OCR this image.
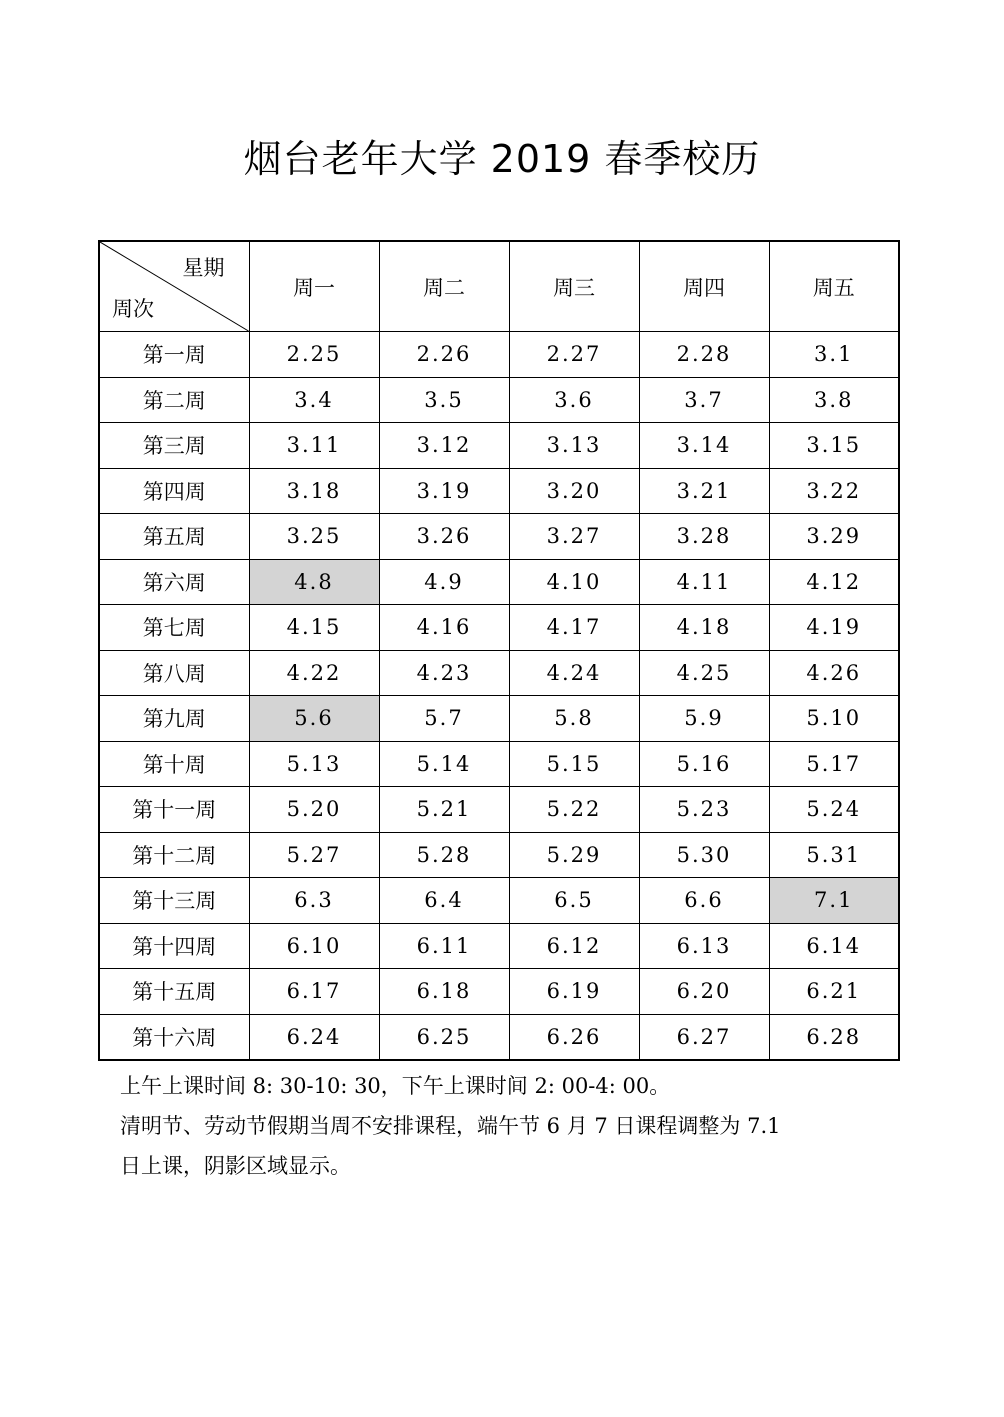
烟台老年大学 2019 春季校历
星期
周次	周一	周二	周三	周四	周五
第一周	2.25	2.26	2.27	2.28	3.1
第二周	3.4	3.5	3.6	3.7	3.8
第三周	3.11	3.12	3.13	3.14	3.15
第四周	3.18	3.19	3.20	3.21	3.22
第五周	3.25	3.26	3.27	3.28	3.29
第六周	4.8	4.9	4.10	4.11	4.12
第七周	4.15	4.16	4.17	4.18	4.19
第八周	4.22	4.23	4.24	4.25	4.26
第九周	5.6	5.7	5.8	5.9	5.10
第十周	5.13	5.14	5.15	5.16	5.17
第十一周	5.20	5.21	5.22	5.23	5.24
第十二周	5.27	5.28	5.29	5.30	5.31
第十三周	6.3	6.4	6.5	6.6	7.1
第十四周	6.10	6.11	6.12	6.13	6.14
第十五周	6.17	6.18	6.19	6.20	6.21
第十六周	6.24	6.25	6.26	6.27	6.28

上午上课时间 8: 30-10: 30，下午上课时间 2: 00-4: 00。

清明节、劳动节假期当周不安排课程，端午节 6 月 7 日课程调整为 7.1

日上课，阴影区域显示。
